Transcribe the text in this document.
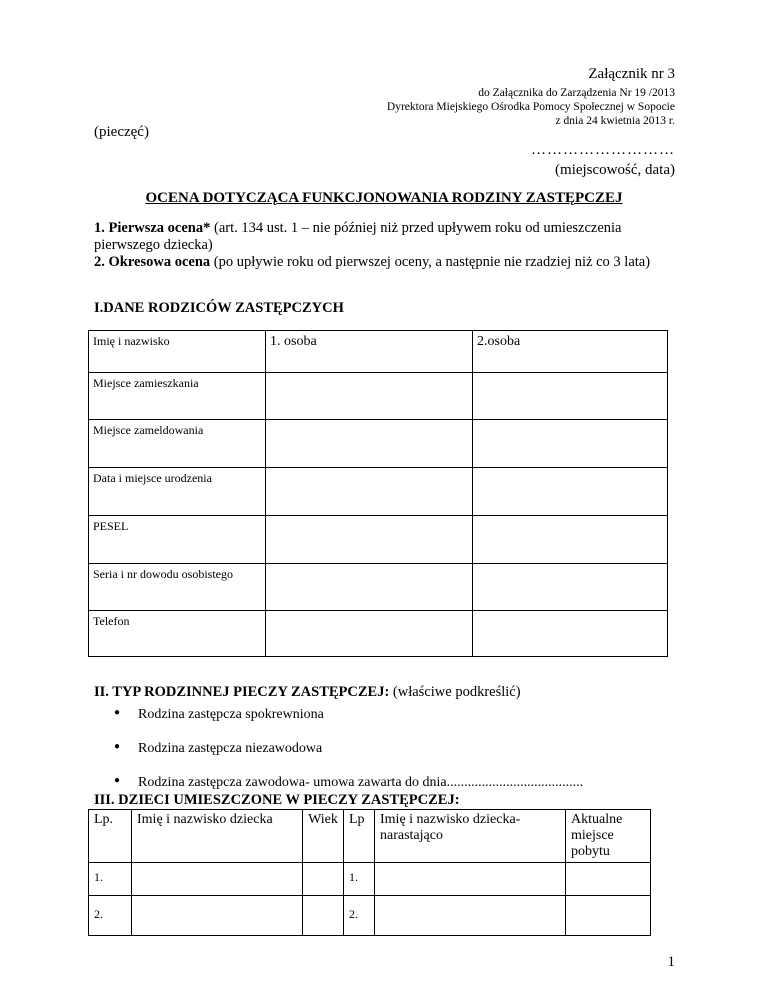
Załącznik nr 3
do Załącznika do Zarządzenia Nr 19 /2013
Dyrektora Miejskiego Ośrodka Pomocy Społecznej w Sopocie
z dnia 24 kwietnia 2013 r.
(pieczęć)
………………………
(miejscowość, data)
OCENA DOTYCZĄCA FUNKCJONOWANIA RODZINY ZASTĘPCZEJ
1. Pierwsza ocena* (art. 134 ust. 1 – nie później niż przed upływem roku od umieszczenia pierwszego dziecka)
2. Okresowa ocena (po upływie roku od pierwszej oceny, a następnie nie rzadziej niż co 3 lata)
I.DANE RODZICÓW ZASTĘPCZYCH
Imię i nazwisko	1. osoba	2.osoba
Miejsce zamieszkania		
Miejsce zameldowania		
Data i miejsce urodzenia		
PESEL		
Seria i nr dowodu osobistego		
Telefon		
II. TYP RODZINNEJ PIECZY ZASTĘPCZEJ: (właściwe podkreślić)
● Rodzina zastępcza spokrewniona
● Rodzina zastępcza niezawodowa
● Rodzina zastępcza zawodowa- umowa zawarta do dnia.......................................
III. DZIECI UMIESZCZONE W PIECZY ZASTĘPCZEJ:
Lp.	Imię i nazwisko dziecka	Wiek	Lp	Imię i nazwisko dziecka-narastająco	Aktualne miejsce pobytu
1.			1.		
2.			2.		
1
